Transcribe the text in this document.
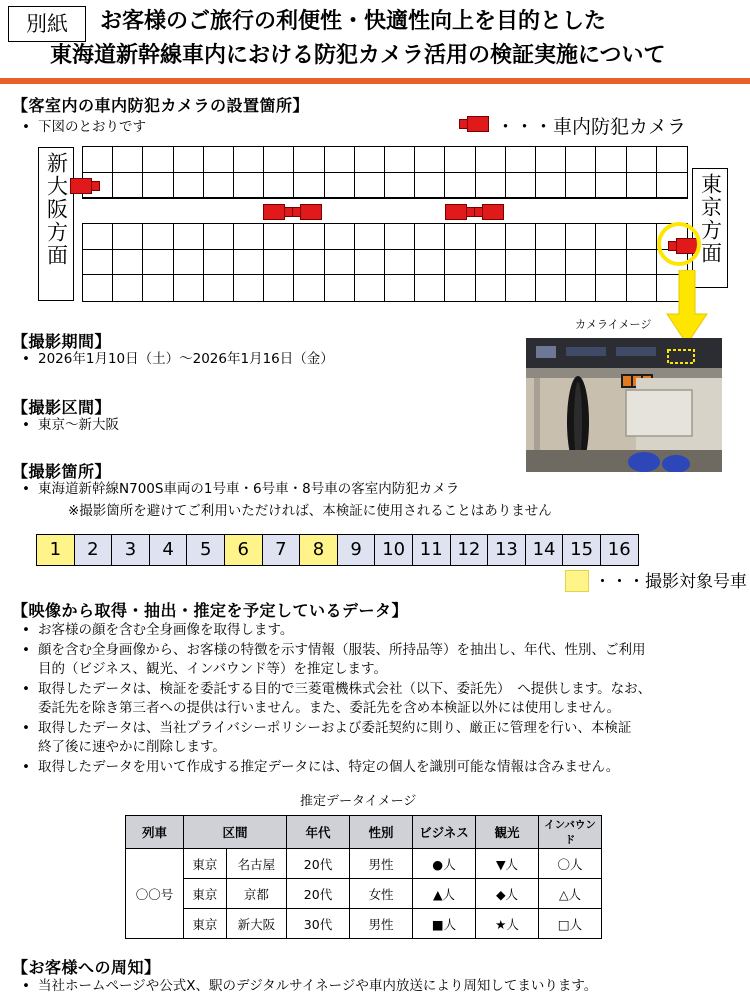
別紙	お客様のご旅行の利便性・快適性向上を目的とした
東海道新幹線車内における防犯カメラ活用の検証実施について
【客室内の車内防犯カメラの設置箇所】
• 下図のとおりです	・・・車内防犯カメラ
新大阪方面	東京方面
カメライメージ
【撮影期間】
• 2026年1月10日（土）～2026年1月16日（金）
【撮影区間】
• 東京～新大阪
【撮影箇所】
• 東海道新幹線N700S車両の1号車・6号車・8号車の客室内防犯カメラ
※撮影箇所を避けてご利用いただければ、本検証に使用されることはありません
1	2	3	4	5	6	7	8	9	10 11 12 13 14 15 16
・・・撮影対象号車
【映像から取得・抽出・推定を予定しているデータ】
• お客様の顔を含む全身画像を取得します。
• 顔を含む全身画像から、お客様の特徴を示す情報（服装、所持品等）を抽出し、年代、性別、ご利用
目的（ビジネス、観光、インバウンド等）を推定します。
• 取得したデータは、検証を委託する目的で三菱電機株式会社（以下、委託先）　へ提供します。なお、
委託先を除き第三者への提供は行いません。また、委託先を含め本検証以外には使用しません。
• 取得したデータは、当社プライバシーポリシーおよび委託契約に則り、厳正に管理を行い、本検証
終了後に速やかに削除します。
• 取得したデータを用いて作成する推定データには、特定の個人を識別可能な情報は含みません。
推定データイメージ
列車	区間		年代	性別	ビジネス	観光	インバウンド
〇〇号	東京	名古屋	20代	男性	●人	▼人	〇人
	東京	京都	20代	女性	▲人	◆人	△人
	東京	新大阪	30代	男性	■人	★人	□人
【お客様への周知】
• 当社ホームページや公式X、駅のデジタルサイネージや車内放送により周知してまいります。
